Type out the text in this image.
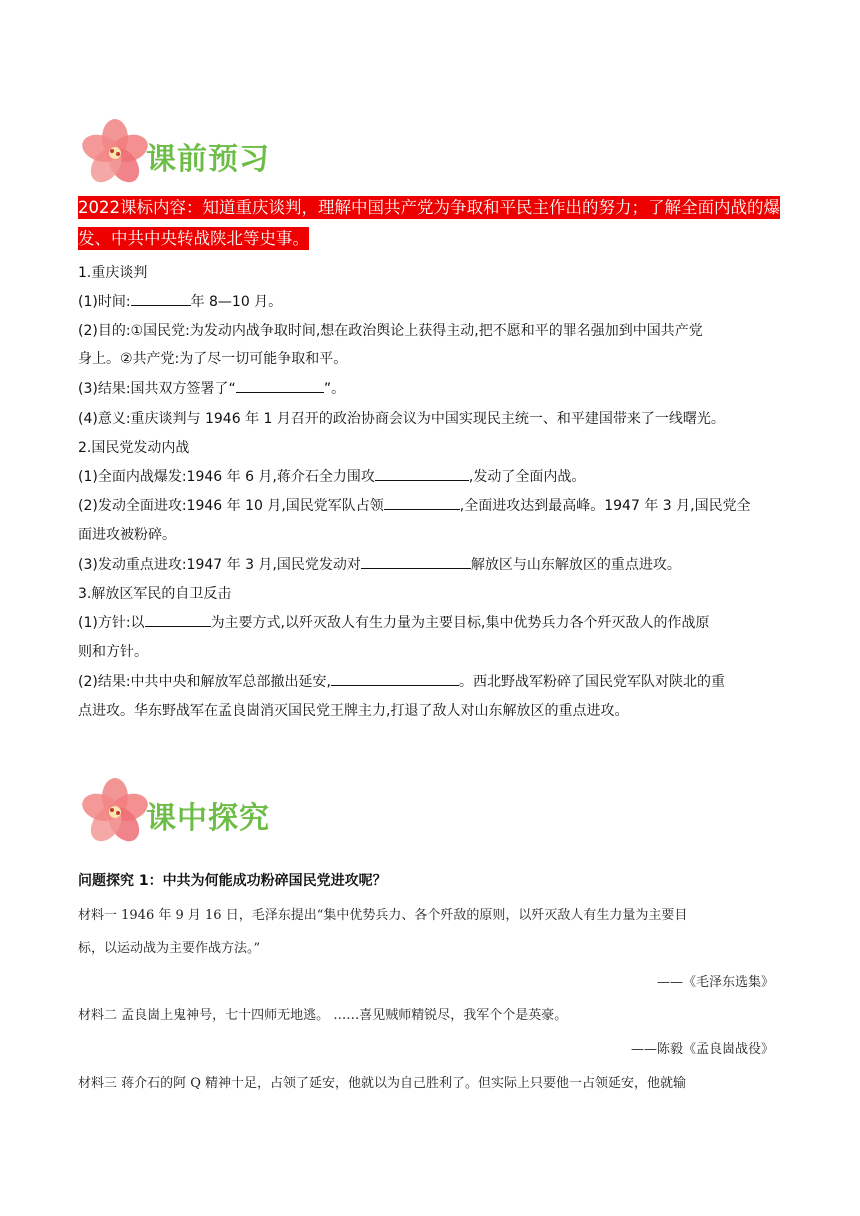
课前预习
2022课标内容：知道重庆谈判，理解中国共产党为争取和平民主作出的努力；了解全面内战的爆发、中共中央转战陕北等史事。
1.重庆谈判
(1)时间:	年 8—10 月。
(2)目的:①国民党:为发动内战争取时间,想在政治舆论上获得主动,把不愿和平的罪名强加到中国共产党
身上。②共产党:为了尽一切可能争取和平。
(3)结果:国共双方签署了“	”。
(4)意义:重庆谈判与 1946 年 1 月召开的政治协商会议为中国实现民主统一、和平建国带来了一线曙光。
2.国民党发动内战
(1)全面内战爆发:1946 年 6 月,蒋介石全力围攻	,发动了全面内战。
(2)发动全面进攻:1946 年 10 月,国民党军队占领	,全面进攻达到最高峰。1947 年 3 月,国民党全
面进攻被粉碎。
(3)发动重点进攻:1947 年 3 月,国民党发动对	解放区与山东解放区的重点进攻。
3.解放区军民的自卫反击
(1)方针:以	为主要方式,以歼灭敌人有生力量为主要目标,集中优势兵力各个歼灭敌人的作战原
则和方针。
(2)结果:中共中央和解放军总部撤出延安,	。西北野战军粉碎了国民党军队对陕北的重
点进攻。华东野战军在孟良崮消灭国民党王牌主力,打退了敌人对山东解放区的重点进攻。
课中探究
问题探究 1：中共为何能成功粉碎国民党进攻呢？
材料一 1946 年 9 月 16 日，毛泽东提出“集中优势兵力、各个歼敌的原则，以歼灭敌人有生力量为主要目
标，以运动战为主要作战方法。”
——《毛泽东选集》
材料二 孟良崮上鬼神号，七十四师无地逃。 ……喜见贼师精锐尽，我军个个是英豪。
——陈毅《孟良崮战役》
材料三 蒋介石的阿 Q 精神十足，占领了延安，他就以为自己胜利了。但实际上只要他一占领延安，他就输
